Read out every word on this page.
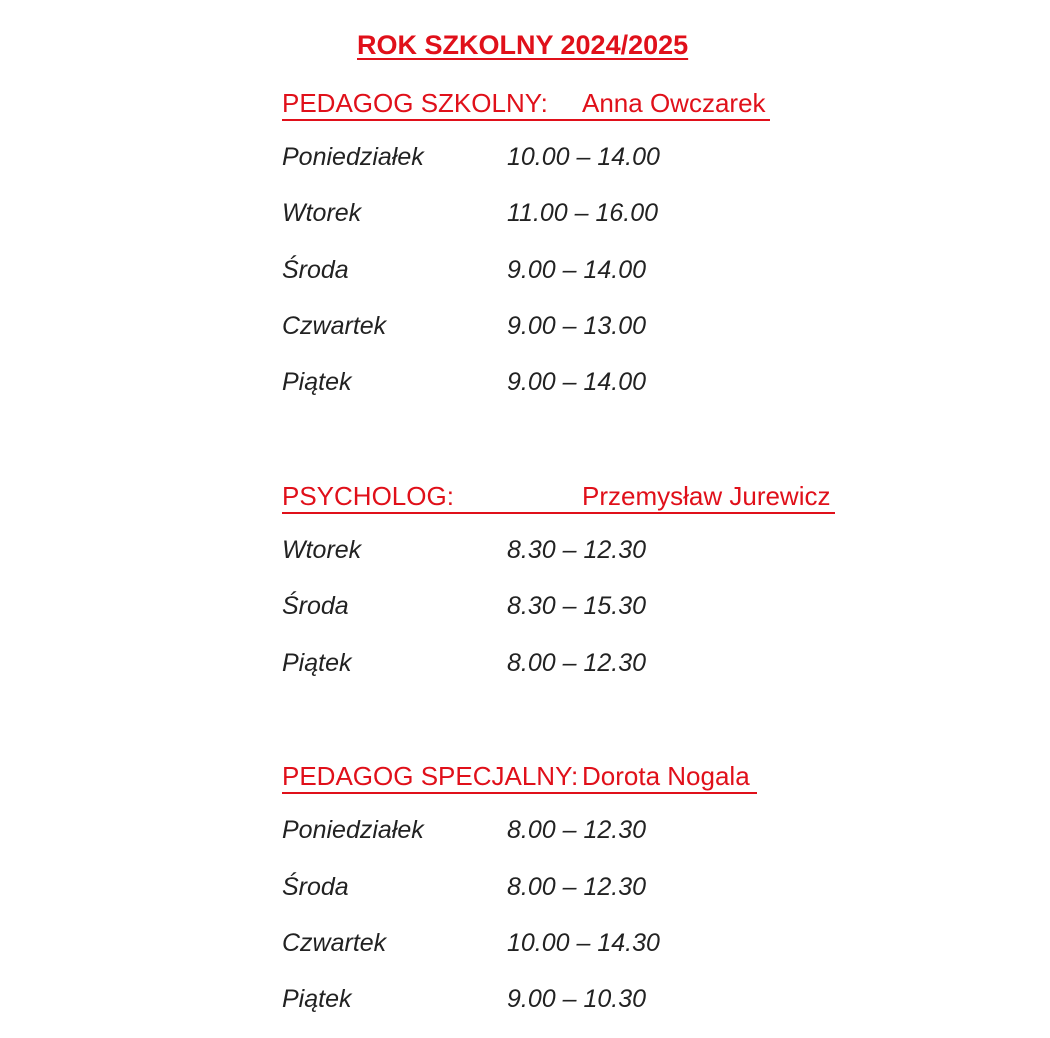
ROK SZKOLNY 2024/2025
PEDAGOG SZKOLNY: Anna Owczarek
Poniedziałek	10.00 – 14.00
Wtorek	11.00 – 16.00
Środa	9.00 – 14.00
Czwartek	9.00 – 13.00
Piątek	9.00 – 14.00
PSYCHOLOG:	Przemysław Jurewicz
Wtorek	8.30 – 12.30
Środa	8.30 – 15.30
Piątek	8.00 – 12.30
PEDAGOG SPECJALNY: Dorota Nogala
Poniedziałek	8.00 – 12.30
Środa	8.00 – 12.30
Czwartek	10.00 – 14.30
Piątek	9.00 – 10.30
